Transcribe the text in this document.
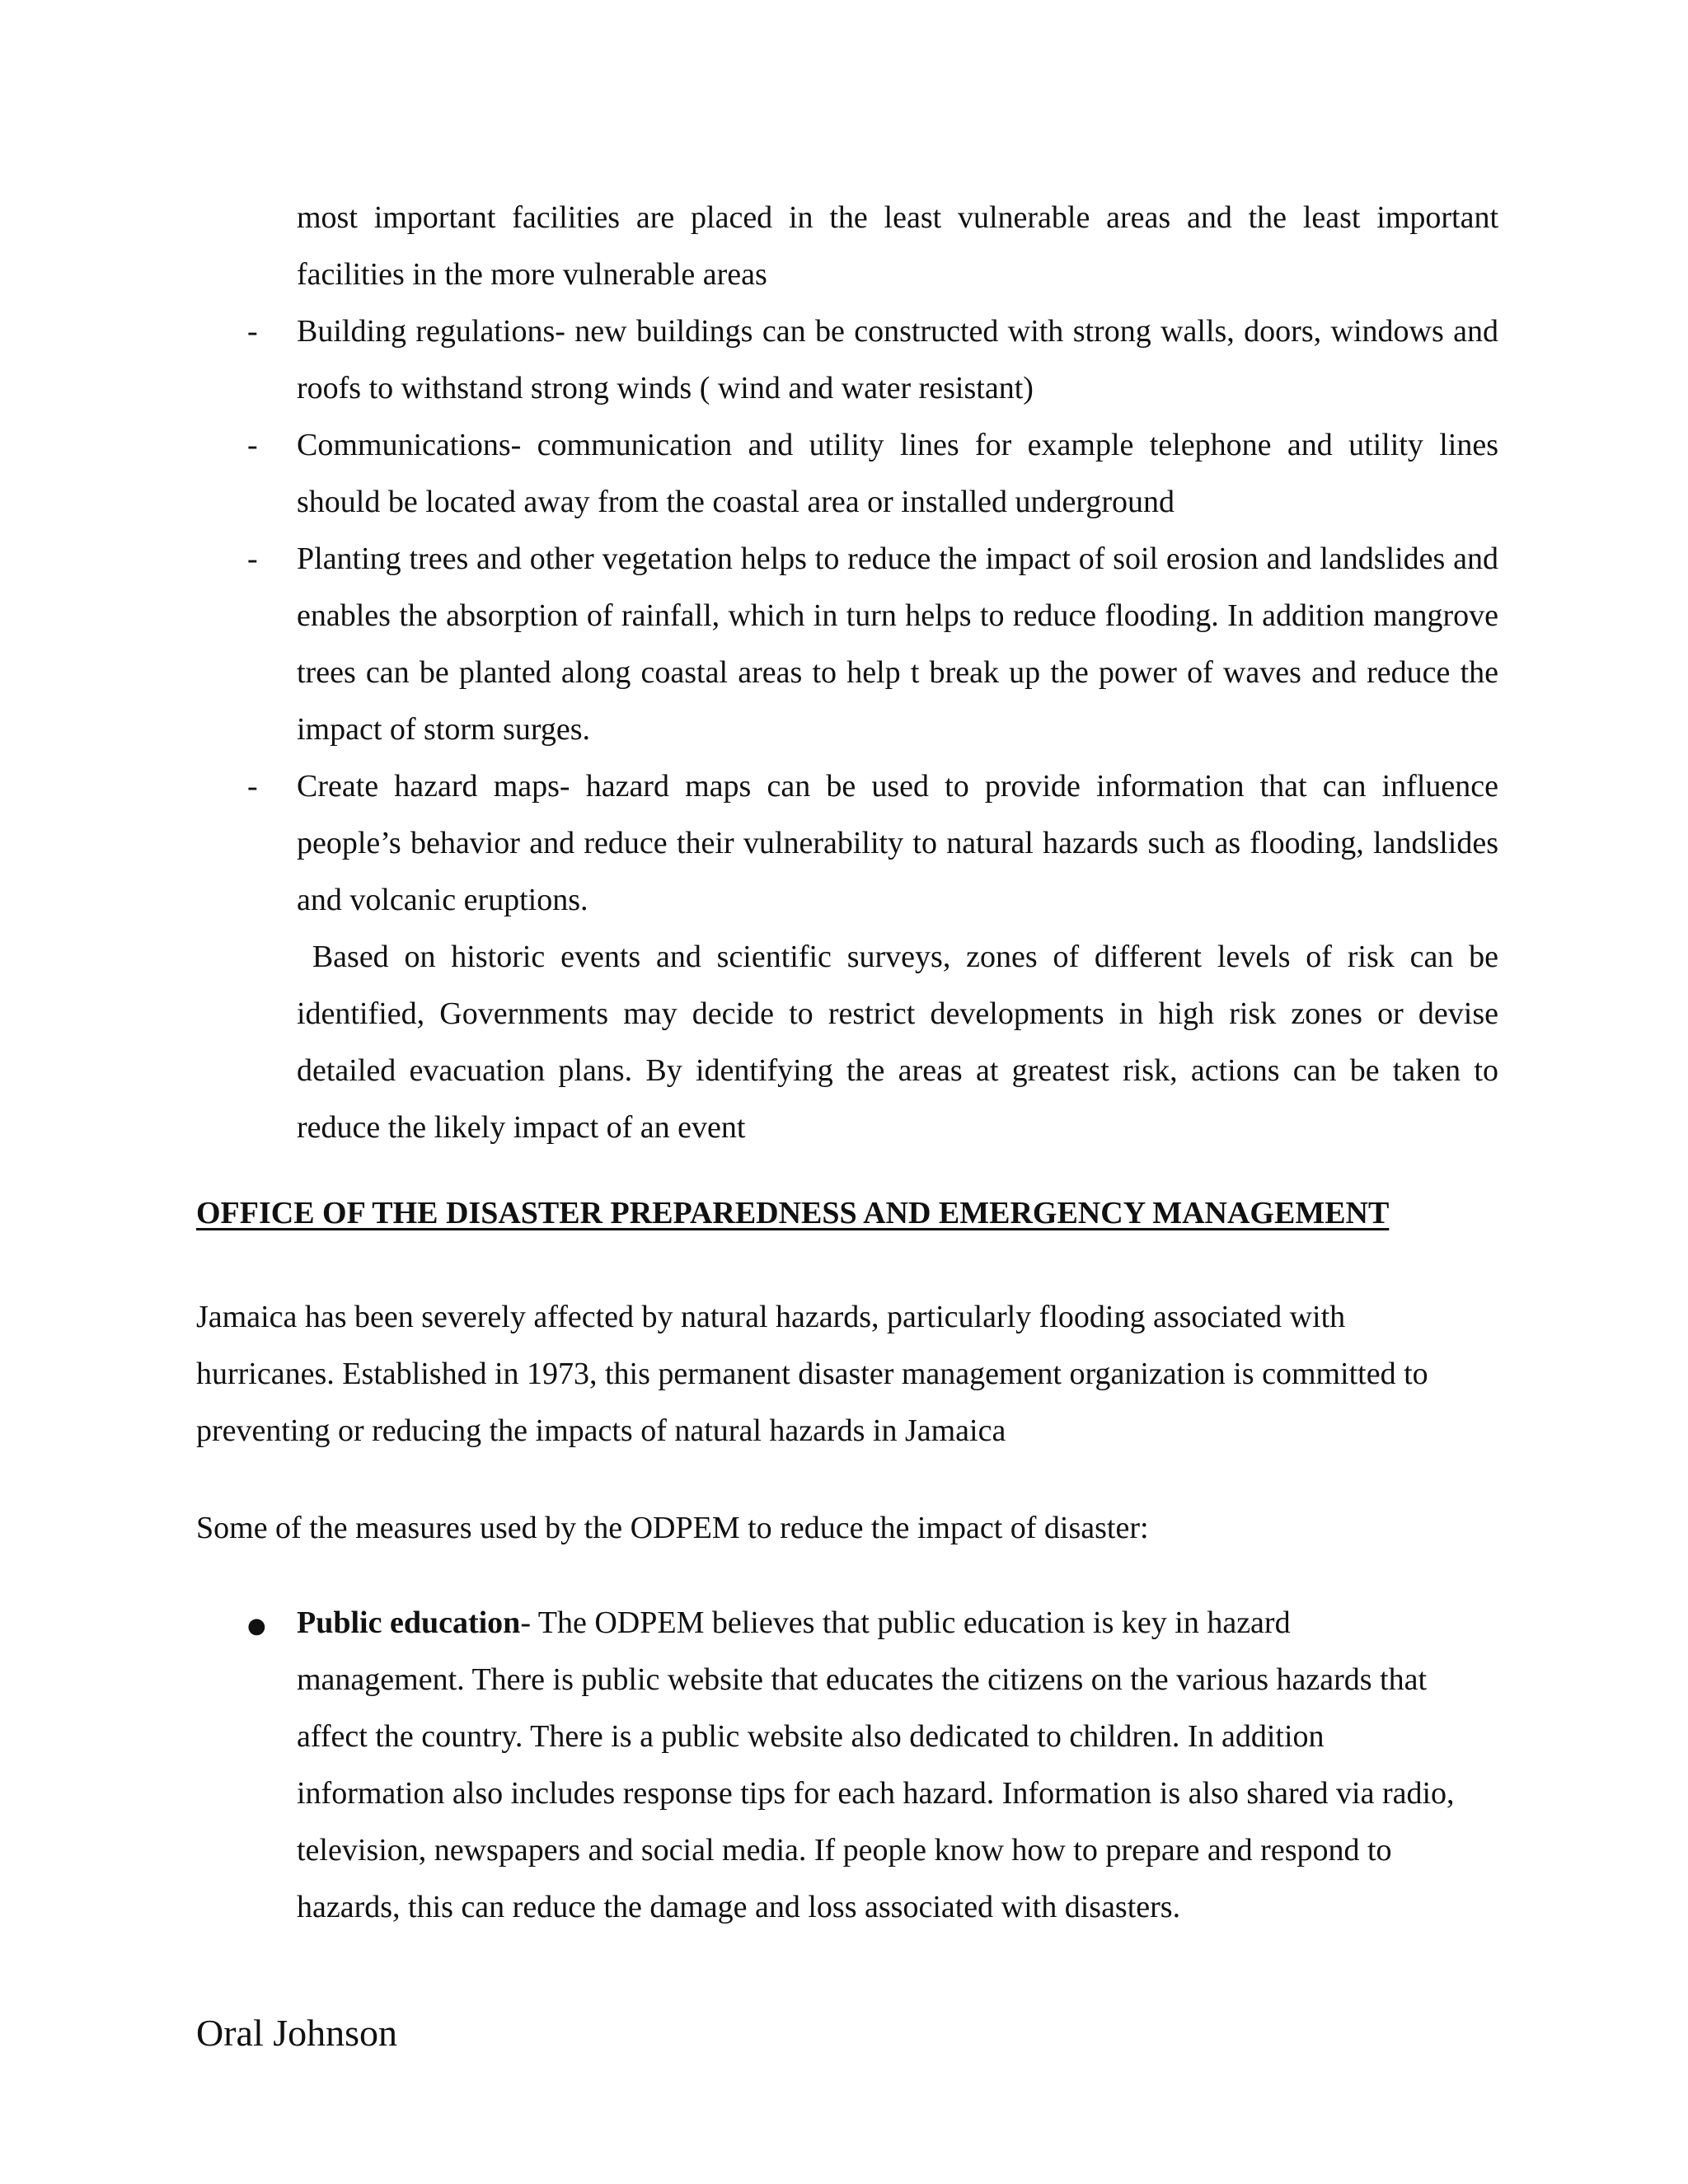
most important facilities are placed in the least vulnerable areas and the least important facilities in the more vulnerable areas

- Building regulations- new buildings can be constructed with strong walls, doors, windows and roofs to withstand strong winds ( wind and water resistant)
- Communications- communication and utility lines for example telephone and utility lines should be located away from the coastal area or installed underground
- Planting trees and other vegetation helps to reduce the impact of soil erosion and landslides and enables the absorption of rainfall, which in turn helps to reduce flooding. In addition mangrove trees can be planted along coastal areas to help t break up the power of waves and reduce the impact of storm surges.
- Create hazard maps- hazard maps can be used to provide information that can influence people’s behavior and reduce their vulnerability to natural hazards such as flooding, landslides and volcanic eruptions.

Based on historic events and scientific surveys, zones of different levels of risk can be identified, Governments may decide to restrict developments in high risk zones or devise detailed evacuation plans. By identifying the areas at greatest risk, actions can be taken to reduce the likely impact of an event

OFFICE OF THE DISASTER PREPAREDNESS AND EMERGENCY MANAGEMENT

Jamaica has been severely affected by natural hazards, particularly flooding associated with hurricanes. Established in 1973, this permanent disaster management organization is committed to preventing or reducing the impacts of natural hazards in Jamaica

Some of the measures used by the ODPEM to reduce the impact of disaster:

●
Public education- The ODPEM believes that public education is key in hazard management. There is public website that educates the citizens on the various hazards that affect the country. There is a public website also dedicated to children. In addition information also includes response tips for each hazard. Information is also shared via radio, television, newspapers and social media. If people know how to prepare and respond to hazards, this can reduce the damage and loss associated with disasters.

Oral Johnson
